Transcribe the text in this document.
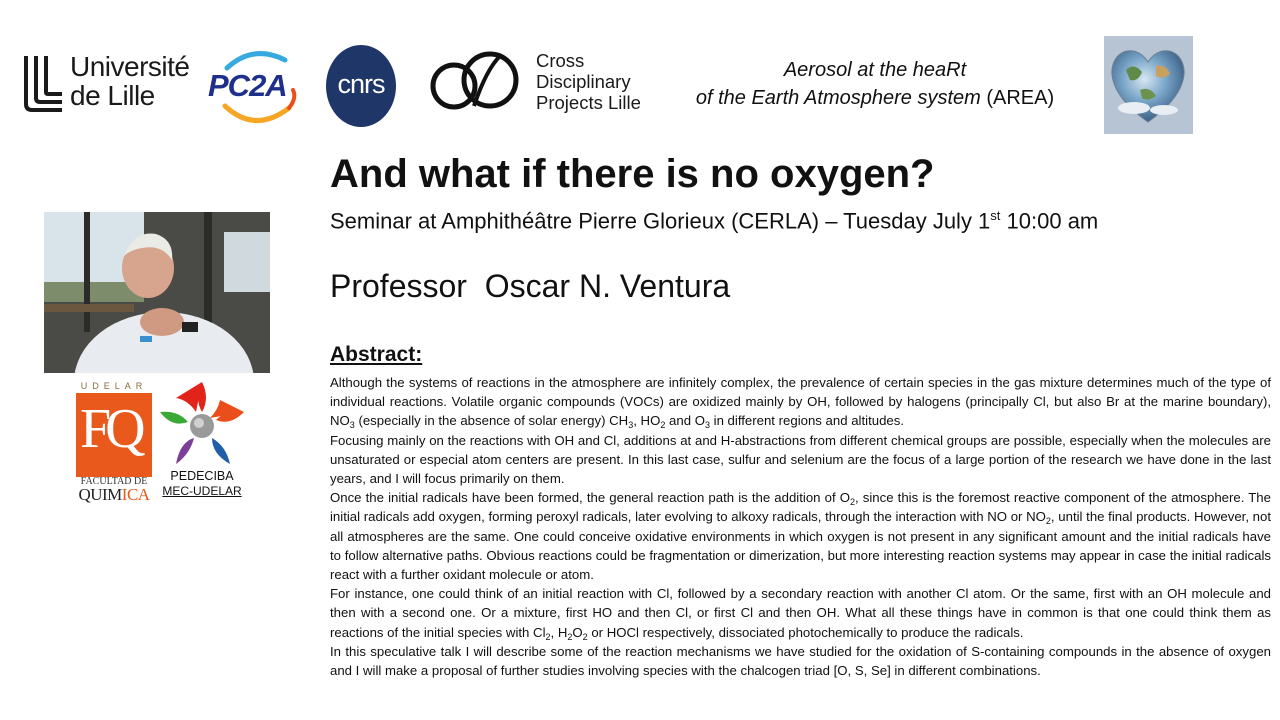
Université
de Lille	PC2A	cnrs
Cross
Disciplinary
Projects Lille
Aerosol at the heaRt
of the Earth Atmosphere system (AREA)
And what if there is no oxygen?
Seminar at Amphithéâtre Pierre Glorieux (CERLA) – Tuesday July 1st 10:00 am
Professor  Oscar N. Ventura
UDELAR
FQ
FACULTAD DE
QUIMICA
PEDECIBA
MEC-UDELAR
Abstract:

Although the systems of reactions in the atmosphere are infinitely complex, the prevalence of certain species in the gas mixture determines much of the type of individual reactions. Volatile organic compounds (VOCs) are oxidized mainly by OH, followed by halogens (principally Cl, but also Br at the marine boundary), $NO_3$ (especially in the absence of solar energy) $CH_3$, $HO_2$ and $O_3$ in different regions and altitudes.

Focusing mainly on the reactions with OH and Cl, additions at and H-abstractions from different chemical groups are possible, especially when the molecules are unsaturated or especial atom centers are present. In this last case, sulfur and selenium are the focus of a large portion of the research we have done in the last years, and I will focus primarily on them.

Once the initial radicals have been formed, the general reaction path is the addition of $O_2$, since this is the foremost reactive component of the atmosphere. The initial radicals add oxygen, forming peroxyl radicals, later evolving to alkoxy radicals, through the interaction with NO or $NO_2$, until the final products. However, not all atmospheres are the same. One could conceive oxidative environments in which oxygen is not present in any significant amount and the initial radicals have to follow alternative paths. Obvious reactions could be fragmentation or dimerization, but more interesting reaction systems may appear in case the initial radicals react with a further oxidant molecule or atom.

For instance, one could think of an initial reaction with Cl, followed by a secondary reaction with another Cl atom. Or the same, first with an OH molecule and then with a second one. Or a mixture, first HO and then Cl, or first Cl and then OH. What all these things have in common is that one could think them as reactions of the initial species with $Cl_2$, $H_2O_2$ or HOCl respectively, dissociated photochemically to produce the radicals.

In this speculative talk I will describe some of the reaction mechanisms we have studied for the oxidation of S-containing compounds in the absence of oxygen and I will make a proposal of further studies involving species with the chalcogen triad [O, S, Se] in different combinations.
